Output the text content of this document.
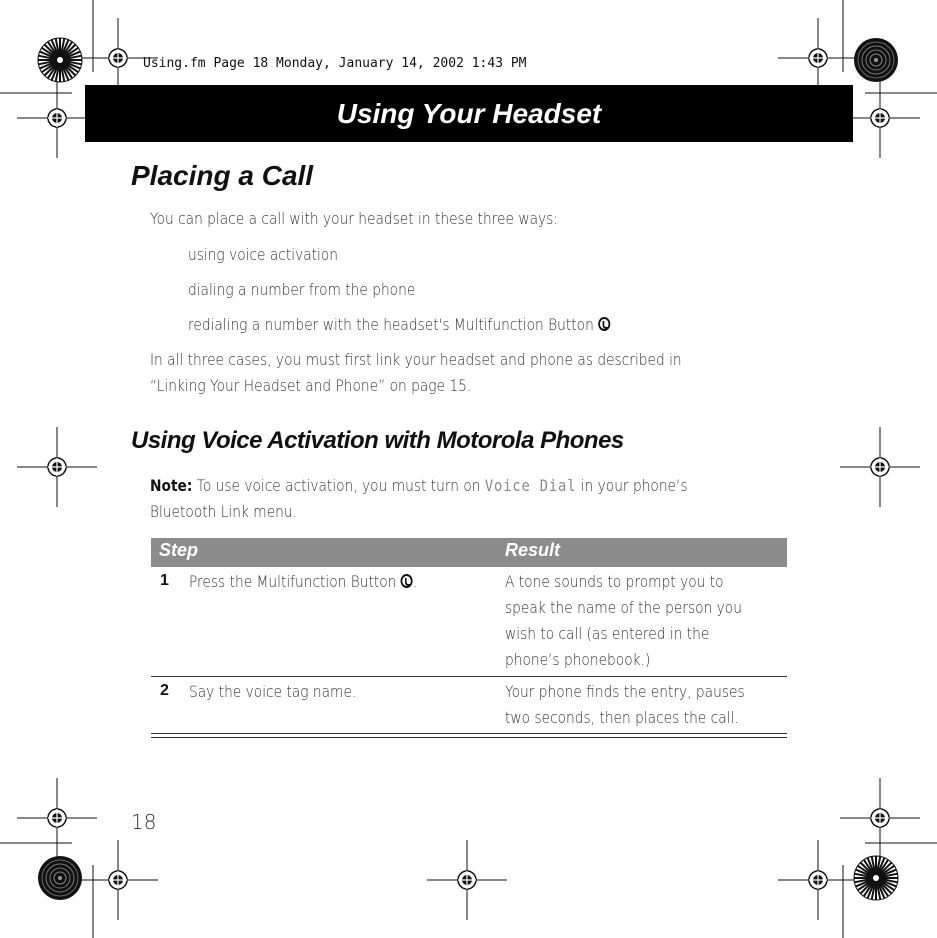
Using.fm Page 18 Monday, January 14, 2002 1:43 PM
Using Your Headset
Placing a Call
You can place a call with your headset in these three ways:
using voice activation
dialing a number from the phone
redialing a number with the headset's Multifunction Button
In all three cases, you must first link your headset and phone as described in
“Linking Your Headset and Phone” on page 15.
Using Voice Activation with Motorola Phones
Note: To use voice activation, you must turn on Voice Dial in your phone’s
Bluetooth Link menu.
Step	Result
1 Press the Multifunction Button .	A tone sounds to prompt you to
speak the name of the person you
wish to call (as entered in the
phone’s phonebook.)
2 Say the voice tag name.	Your phone finds the entry, pauses
two seconds, then places the call.
18
